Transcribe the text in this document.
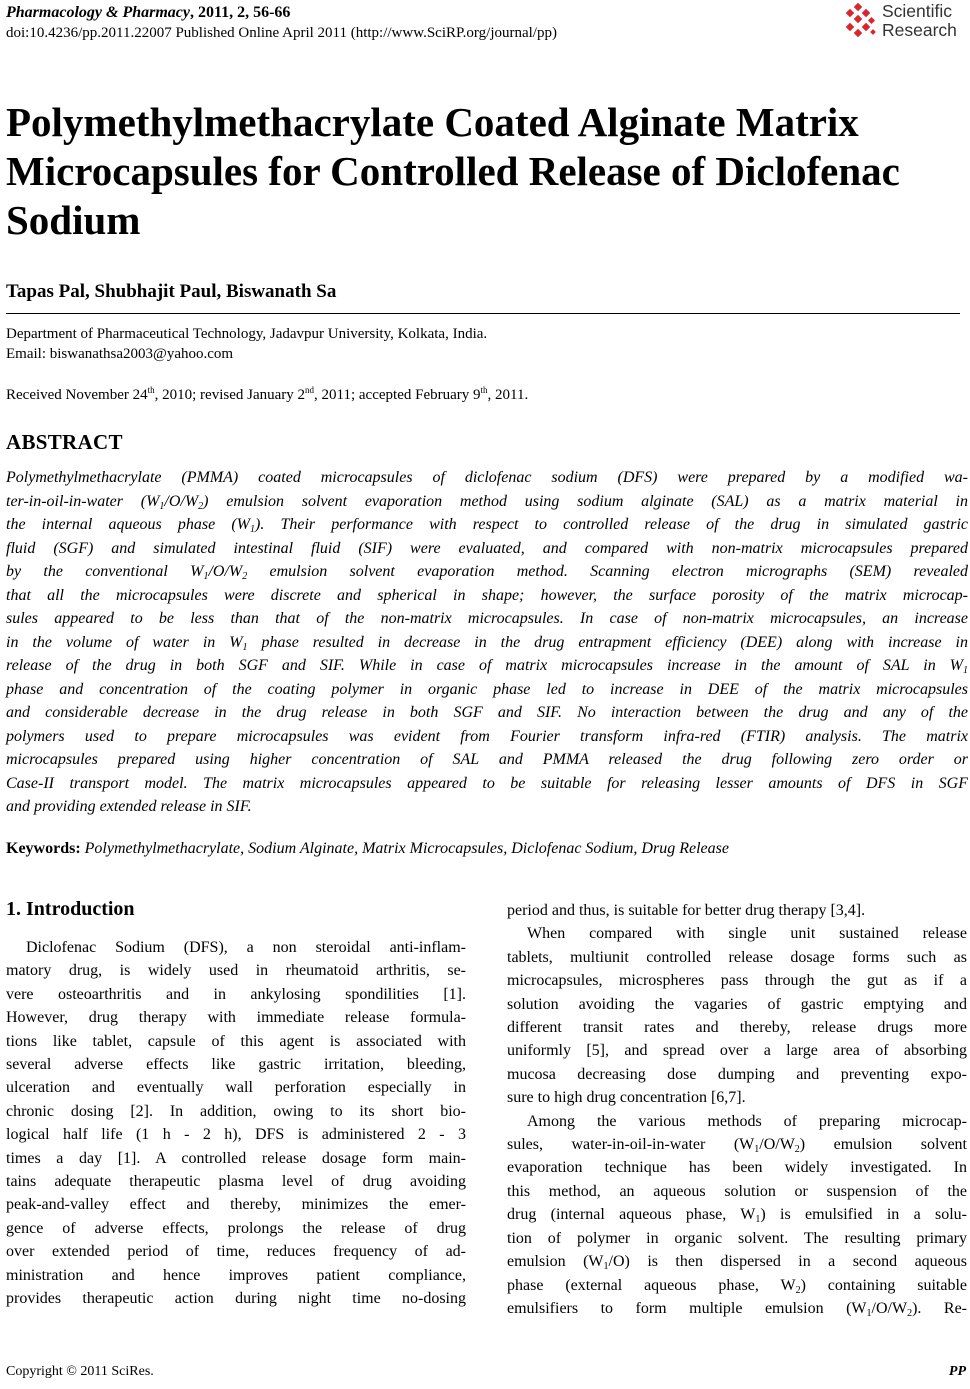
Pharmacology & Pharmacy, 2011, 2, 56-66
doi:10.4236/pp.2011.22007 Published Online April 2011 (http://www.SciRP.org/journal/pp)
Scientific
Research
Polymethylmethacrylate Coated Alginate Matrix
Microcapsules for Controlled Release of Diclofenac
Sodium
Tapas Pal, Shubhajit Paul, Biswanath Sa
Department of Pharmaceutical Technology, Jadavpur University, Kolkata, India.
Email: biswanathsa2003@yahoo.com
Received November 24th, 2010; revised January 2nd, 2011; accepted February 9th, 2011.
ABSTRACT
Polymethylmethacrylate (PMMA) coated microcapsules of diclofenac sodium (DFS) were prepared by a modified wa-
ter-in-oil-in-water $(W_1/O/W_2)$ emulsion solvent evaporation method using sodium alginate (SAL) as a matrix material in
the internal aqueous phase $(W_1)$. Their performance with respect to controlled release of the drug in simulated gastric
fluid (SGF) and simulated intestinal fluid (SIF) were evaluated, and compared with non-matrix microcapsules prepared
by the conventional $W_1/O/W_2$ emulsion solvent evaporation method. Scanning electron micrographs (SEM) revealed
that all the microcapsules were discrete and spherical in shape; however, the surface porosity of the matrix microcap-
sules appeared to be less than that of the non-matrix microcapsules. In case of non-matrix microcapsules, an increase
in the volume of water in $W_1$ phase resulted in decrease in the drug entrapment efficiency (DEE) along with increase in
release of the drug in both SGF and SIF. While in case of matrix microcapsules increase in the amount of SAL in $W_1$
phase and concentration of the coating polymer in organic phase led to increase in DEE of the matrix microcapsules
and considerable decrease in the drug release in both SGF and SIF. No interaction between the drug and any of the
polymers used to prepare microcapsules was evident from Fourier transform infra-red (FTIR) analysis. The matrix
microcapsules prepared using higher concentration of SAL and PMMA released the drug following zero order or
Case-II transport model. The matrix microcapsules appeared to be suitable for releasing lesser amounts of DFS in SGF
and providing extended release in SIF.
Keywords: Polymethylmethacrylate, Sodium Alginate, Matrix Microcapsules, Diclofenac Sodium, Drug Release
1. Introduction
Diclofenac Sodium (DFS), a non steroidal anti-inflam-
matory drug, is widely used in rheumatoid arthritis, se-
vere osteoarthritis and in ankylosing spondilities [1].
However, drug therapy with immediate release formula-
tions like tablet, capsule of this agent is associated with
several adverse effects like gastric irritation, bleeding,
ulceration and eventually wall perforation especially in
chronic dosing [2]. In addition, owing to its short bio-
logical half life (1 h - 2 h), DFS is administered 2 - 3
times a day [1]. A controlled release dosage form main-
tains adequate therapeutic plasma level of drug avoiding
peak-and-valley effect and thereby, minimizes the emer-
gence of adverse effects, prolongs the release of drug
over extended period of time, reduces frequency of ad-
ministration and hence improves patient compliance,
provides therapeutic action during night time no-dosing
period and thus, is suitable for better drug therapy [3,4].
When compared with single unit sustained release
tablets, multiunit controlled release dosage forms such as
microcapsules, microspheres pass through the gut as if a
solution avoiding the vagaries of gastric emptying and
different transit rates and thereby, release drugs more
uniformly [5], and spread over a large area of absorbing
mucosa decreasing dose dumping and preventing expo-
sure to high drug concentration [6,7].
Among the various methods of preparing microcap-
sules, water-in-oil-in-water $(W_1/O/W_2)$ emulsion solvent
evaporation technique has been widely investigated. In
this method, an aqueous solution or suspension of the
drug (internal aqueous phase, $W_1$) is emulsified in a solu-
tion of polymer in organic solvent. The resulting primary
emulsion $(W_1/O)$ is then dispersed in a second aqueous
phase (external aqueous phase, $W_2$) containing suitable
emulsifiers to form multiple emulsion $(W_1/O/W_2)$. Re-
Copyright © 2011 SciRes.	PP
